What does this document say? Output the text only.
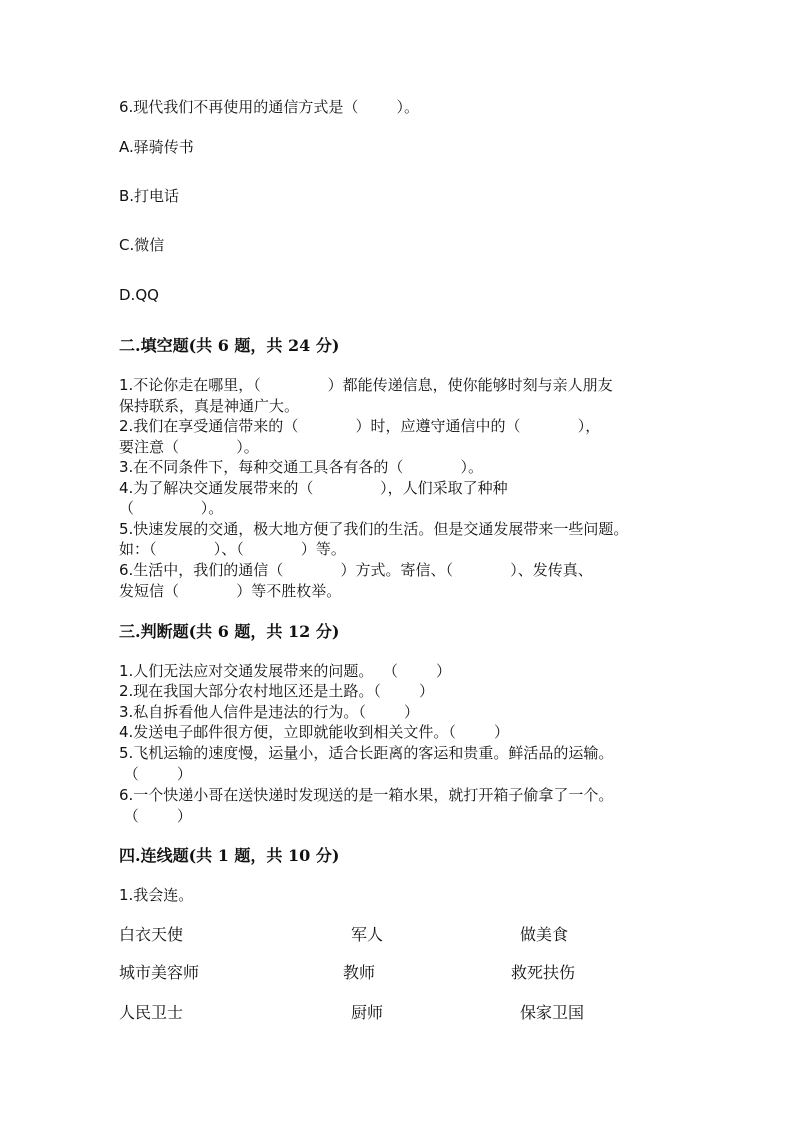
6.现代我们不再使用的通信方式是（        ）。
A.驿骑传书
B.打电话
C.微信
D.QQ
二.填空题(共 6 题，共 24 分)
1.不论你走在哪里，（              ）都能传递信息，使你能够时刻与亲人朋友
保持联系，真是神通广大。
2.我们在享受通信带来的（            ）时，应遵守通信中的（            ），
要注意（            ）。
3.在不同条件下，每种交通工具各有各的（            ）。
4.为了解决交通发展带来的（              ），人们采取了种种
（              ）。
5.快速发展的交通，极大地方便了我们的生活。但是交通发展带来一些问题。
如：（            ）、（            ）等。
6.生活中，我们的通信（            ）方式。寄信、（            ）、发传真、
发短信（            ）等不胜枚举。
三.判断题(共 6 题，共 12 分)
1.人们无法应对交通发展带来的问题。  （        ）
2.现在我国大部分农村地区还是土路。（        ）
3.私自拆看他人信件是违法的行为。（        ）
4.发送电子邮件很方便，立即就能收到相关文件。（        ）
5.飞机运输的速度慢，运量小，适合长距离的客运和贵重。鲜活品的运输。
（        ）
6.一个快递小哥在送快递时发现送的是一箱水果，就打开箱子偷拿了一个。
（        ）
四.连线题(共 1 题，共 10 分)
1.我会连。
白衣天使	军人	做美食
城市美容师	教师	救死扶伤
人民卫士	厨师	保家卫国
